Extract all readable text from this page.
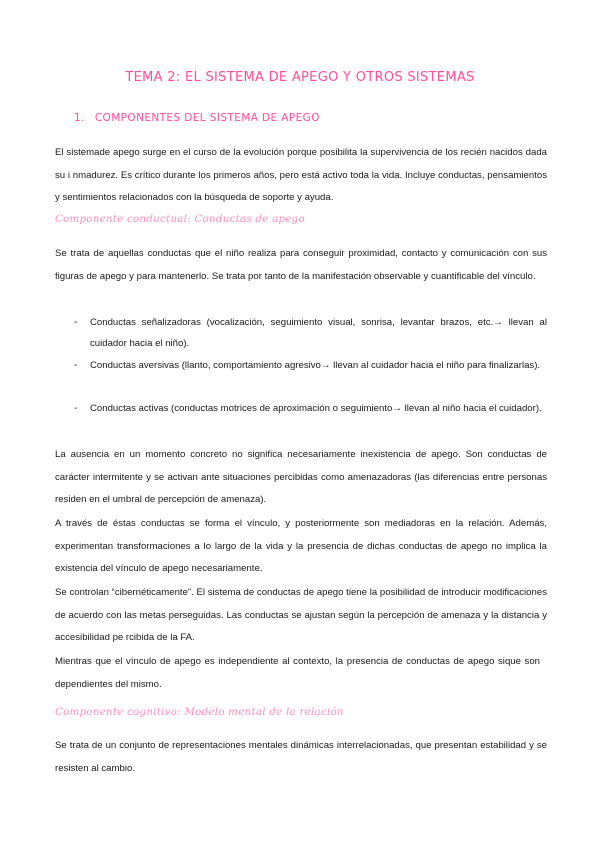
TEMA 2: EL SISTEMA DE APEGO Y OTROS SISTEMAS
1. COMPONENTES DEL SISTEMA DE APEGO

El sistemade apego surge en el curso de la evolución porque posibilita la supervivencia de los recién nacidos dada su i nmadurez. Es crítico durante los primeros años, pero está activo toda la vida. Incluye conductas, pensamientos y sentimientos relacionados con la búsqueda de soporte y ayuda.

Componente conductual: Conductas de apego

Se trata de aquellas conductas que el niño realiza para conseguir proximidad, contacto y comunicación con sus figuras de apego y para mantenerlo. Se trata por tanto de la manifestación observable y cuantificable del vínculo.

- Conductas señalizadoras (vocalización, seguimiento visual, sonrisa, levantar brazos, etc.→ llevan al cuidador hacia el niño).

- Conductas aversivas (llanto, comportamiento agresivo→ llevan al cuidador hacia el niño para finalizarlas).

- Conductas activas (conductas motrices de aproximación o seguimiento→ llevan al niño hacia el cuidador).

La ausencia en un momento concreto no significa necesariamente inexistencia de apego. Son conductas de carácter intermitente y se activan ante situaciones percibidas como amenazadoras (las diferencias entre personas residen en el umbral de percepción de amenaza).

A través de éstas conductas se forma el vínculo, y posteriormente son mediadoras en la relación. Además, experimentan transformaciones a lo largo de la vida y la presencia de dichas conductas de apego no implica la existencia del vínculo de apego necesariamente.

Se controlan “cibernéticamente”. El sistema de conductas de apego tiene la posibilidad de introducir modificaciones de acuerdo con las metas perseguidas. Las conductas se ajustan según la percepción de amenaza y la distancia y accesibilidad pe rcibida de la FA.

Mientras que el vínculo de apego es independiente al contexto, la presencia de conductas de apego sique son dependientes del mismo.

Componente cognitivo: Modelo mental de la relación

Se trata de un conjunto de representaciones mentales dinámicas interrelacionadas, que presentan estabilidad y se resisten al cambio.
